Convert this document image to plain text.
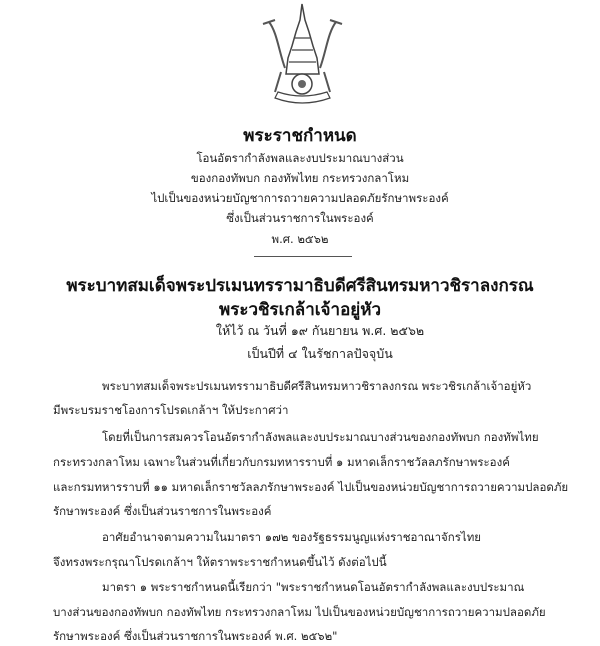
พระราชกำหนด
โอนอัตรากำลังพลและงบประมาณบางส่วน
ของกองทัพบก กองทัพไทย กระทรวงกลาโหม
ไปเป็นของหน่วยบัญชาการถวายความปลอดภัยรักษาพระองค์
ซึ่งเป็นส่วนราชการในพระองค์
พ.ศ. ๒๕๖๒
พระบาทสมเด็จพระปรเมนทรรามาธิบดีศรีสินทรมหาวชิราลงกรณ
พระวชิรเกล้าเจ้าอยู่หัว
ให้ไว้ ณ วันที่ ๑๙ กันยายน พ.ศ. ๒๕๖๒
เป็นปีที่ ๔ ในรัชกาลปัจจุบัน
พระบาทสมเด็จพระปรเมนทรรามาธิบดีศรีสินทรมหาวชิราลงกรณ พระวชิรเกล้าเจ้าอยู่หัว
มีพระบรมราชโองการโปรดเกล้าฯ ให้ประกาศว่า
โดยที่เป็นการสมควรโอนอัตรากำลังพลและงบประมาณบางส่วนของกองทัพบก กองทัพไทย
กระทรวงกลาโหม เฉพาะในส่วนที่เกี่ยวกับกรมทหารราบที่ ๑ มหาดเล็กราชวัลลภรักษาพระองค์
และกรมทหารราบที่ ๑๑ มหาดเล็กราชวัลลภรักษาพระองค์ ไปเป็นของหน่วยบัญชาการถวายความปลอดภัย
รักษาพระองค์ ซึ่งเป็นส่วนราชการในพระองค์
อาศัยอำนาจตามความในมาตรา ๑๗๒ ของรัฐธรรมนูญแห่งราชอาณาจักรไทย
จึงทรงพระกรุณาโปรดเกล้าฯ ให้ตราพระราชกำหนดขึ้นไว้ ดังต่อไปนี้
มาตรา ๑ พระราชกำหนดนี้เรียกว่า "พระราชกำหนดโอนอัตรากำลังพลและงบประมาณ
บางส่วนของกองทัพบก กองทัพไทย กระทรวงกลาโหม ไปเป็นของหน่วยบัญชาการถวายความปลอดภัย
รักษาพระองค์ ซึ่งเป็นส่วนราชการในพระองค์ พ.ศ. ๒๕๖๒"
